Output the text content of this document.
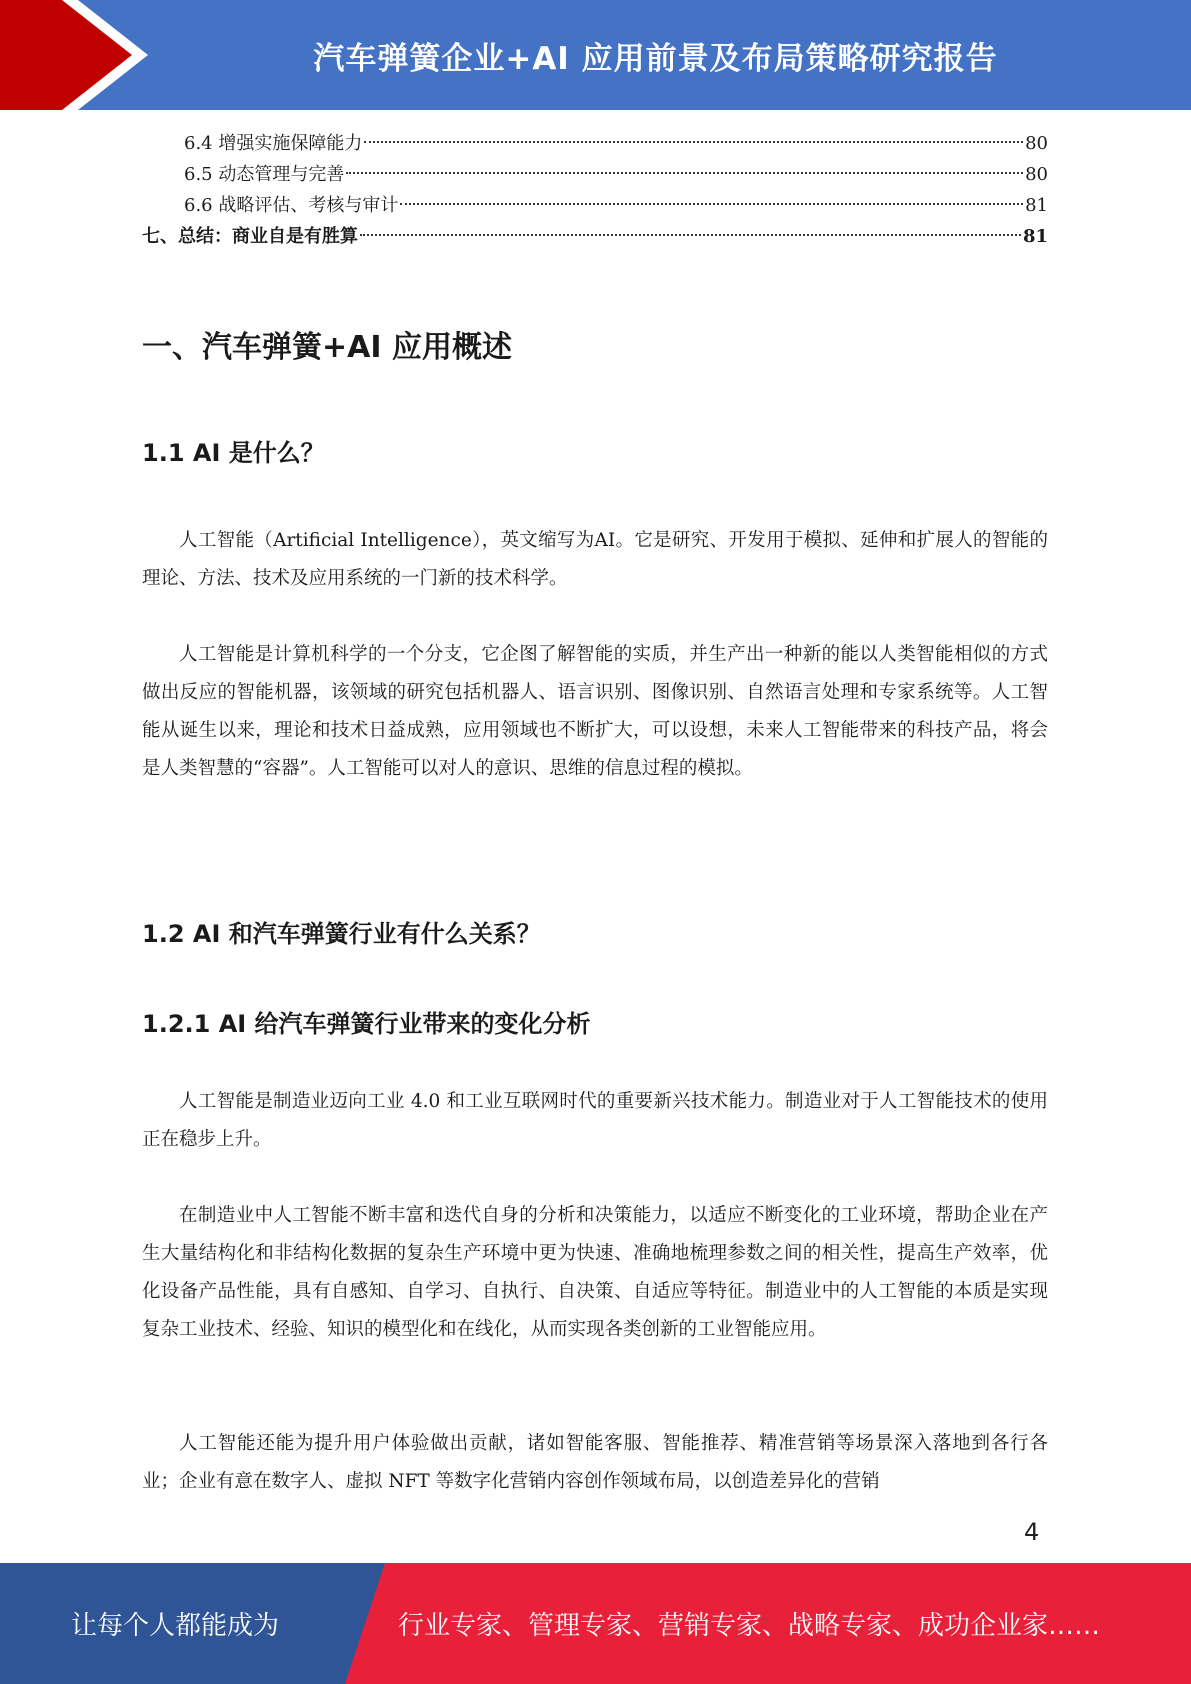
汽车弹簧企业+AI 应用前景及布局策略研究报告
6.4 增强实施保障能力	80
6.5 动态管理与完善	80
6.6 战略评估、考核与审计	81
七、总结：商业自是有胜算	81
一、汽车弹簧+AI 应用概述
1.1 AI 是什么？

人工智能（Artificial Intelligence），英文缩写为AI。它是研究、开发用于模拟、延伸和扩展人的智能的理论、方法、技术及应用系统的一门新的技术科学。

人工智能是计算机科学的一个分支，它企图了解智能的实质，并生产出一种新的能以人类智能相似的方式做出反应的智能机器，该领域的研究包括机器人、语言识别、图像识别、自然语言处理和专家系统等。人工智能从诞生以来，理论和技术日益成熟，应用领域也不断扩大，可以设想，未来人工智能带来的科技产品，将会是人类智慧的“容器”。人工智能可以对人的意识、思维的信息过程的模拟。

1.2 AI 和汽车弹簧行业有什么关系？
1.2.1 AI 给汽车弹簧行业带来的变化分析

人工智能是制造业迈向工业 4.0 和工业互联网时代的重要新兴技术能力。制造业对于人工智能技术的使用正在稳步上升。

在制造业中人工智能不断丰富和迭代自身的分析和决策能力，以适应不断变化的工业环境，帮助企业在产生大量结构化和非结构化数据的复杂生产环境中更为快速、准确地梳理参数之间的相关性，提高生产效率，优化设备产品性能，具有自感知、自学习、自执行、自决策、自适应等特征。制造业中的人工智能的本质是实现复杂工业技术、经验、知识的模型化和在线化，从而实现各类创新的工业智能应用。

人工智能还能为提升用户体验做出贡献，诸如智能客服、智能推荐、精准营销等场景深入落地到各行各业；企业有意在数字人、虚拟 NFT 等数字化营销内容创作领域布局，以创造差异化的营销

4
让每个人都能成为	行业专家、管理专家、营销专家、战略专家、成功企业家……
